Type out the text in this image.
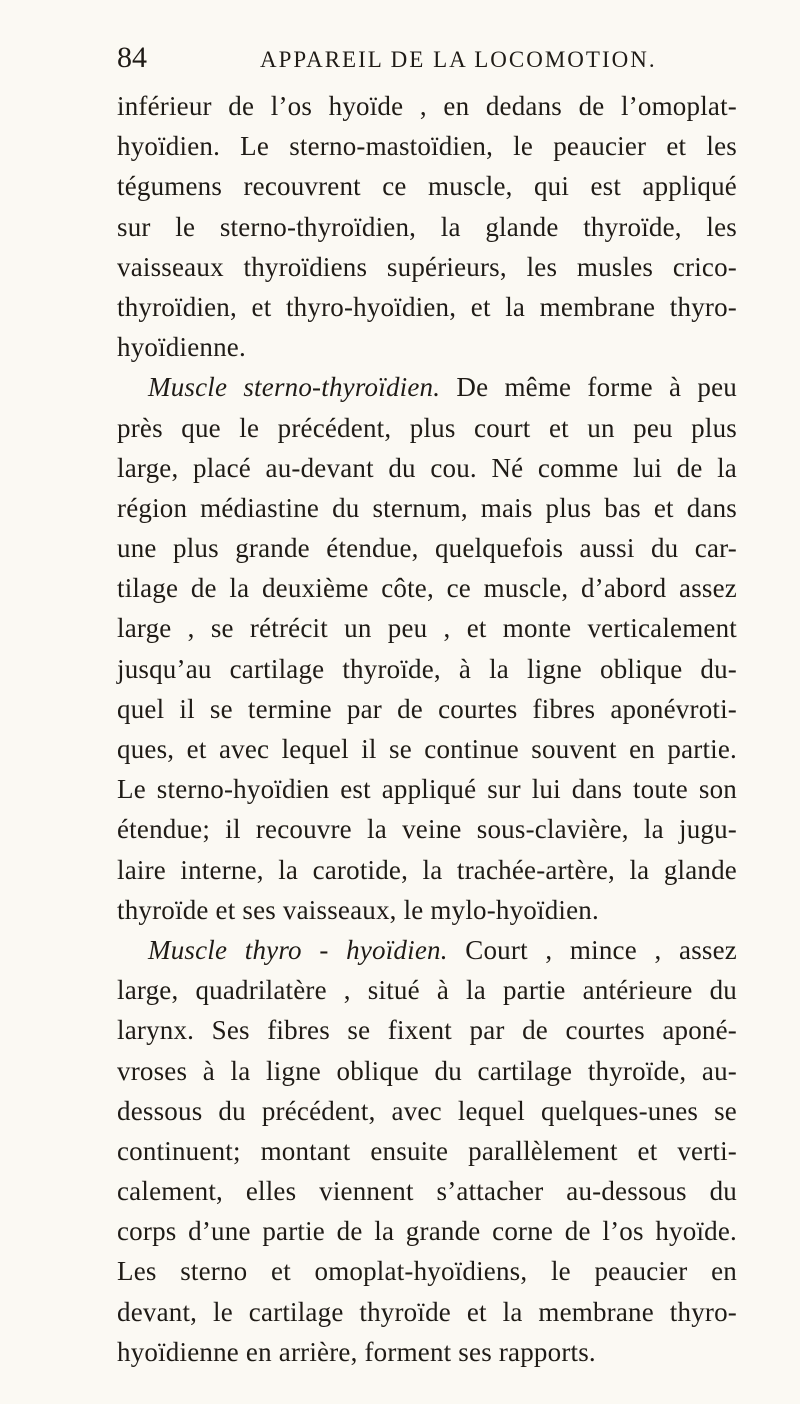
84	APPAREIL DE LA LOCOMOTION.
inférieur de l’os hyoïde , en dedans de l’omoplat-
hyoïdien. Le sterno-mastoïdien, le peaucier et les
tégumens recouvrent ce muscle, qui est appliqué
sur le sterno-thyroïdien, la glande thyroïde, les
vaisseaux thyroïdiens supérieurs, les musles crico-
thyroïdien, et thyro-hyoïdien, et la membrane thyro-
hyoïdienne.
Muscle sterno-thyroïdien. De même forme à peu
près que le précédent, plus court et un peu plus
large, placé au-devant du cou. Né comme lui de la
région médiastine du sternum, mais plus bas et dans
une plus grande étendue, quelquefois aussi du car-
tilage de la deuxième côte, ce muscle, d’abord assez
large , se rétrécit un peu , et monte verticalement
jusqu’au cartilage thyroïde, à la ligne oblique du-
quel il se termine par de courtes fibres aponévroti-
ques, et avec lequel il se continue souvent en partie.
Le sterno-hyoïdien est appliqué sur lui dans toute son
étendue; il recouvre la veine sous-clavière, la jugu-
laire interne, la carotide, la trachée-artère, la glande
thyroïde et ses vaisseaux, le mylo-hyoïdien.
Muscle thyro - hyoïdien. Court , mince , assez
large, quadrilatère , situé à la partie antérieure du
larynx. Ses fibres se fixent par de courtes aponé-
vroses à la ligne oblique du cartilage thyroïde, au-
dessous du précédent, avec lequel quelques-unes se
continuent; montant ensuite parallèlement et verti-
calement, elles viennent s’attacher au-dessous du
corps d’une partie de la grande corne de l’os hyoïde.
Les sterno et omoplat-hyoïdiens, le peaucier en
devant, le cartilage thyroïde et la membrane thyro-
hyoïdienne en arrière, forment ses rapports.
